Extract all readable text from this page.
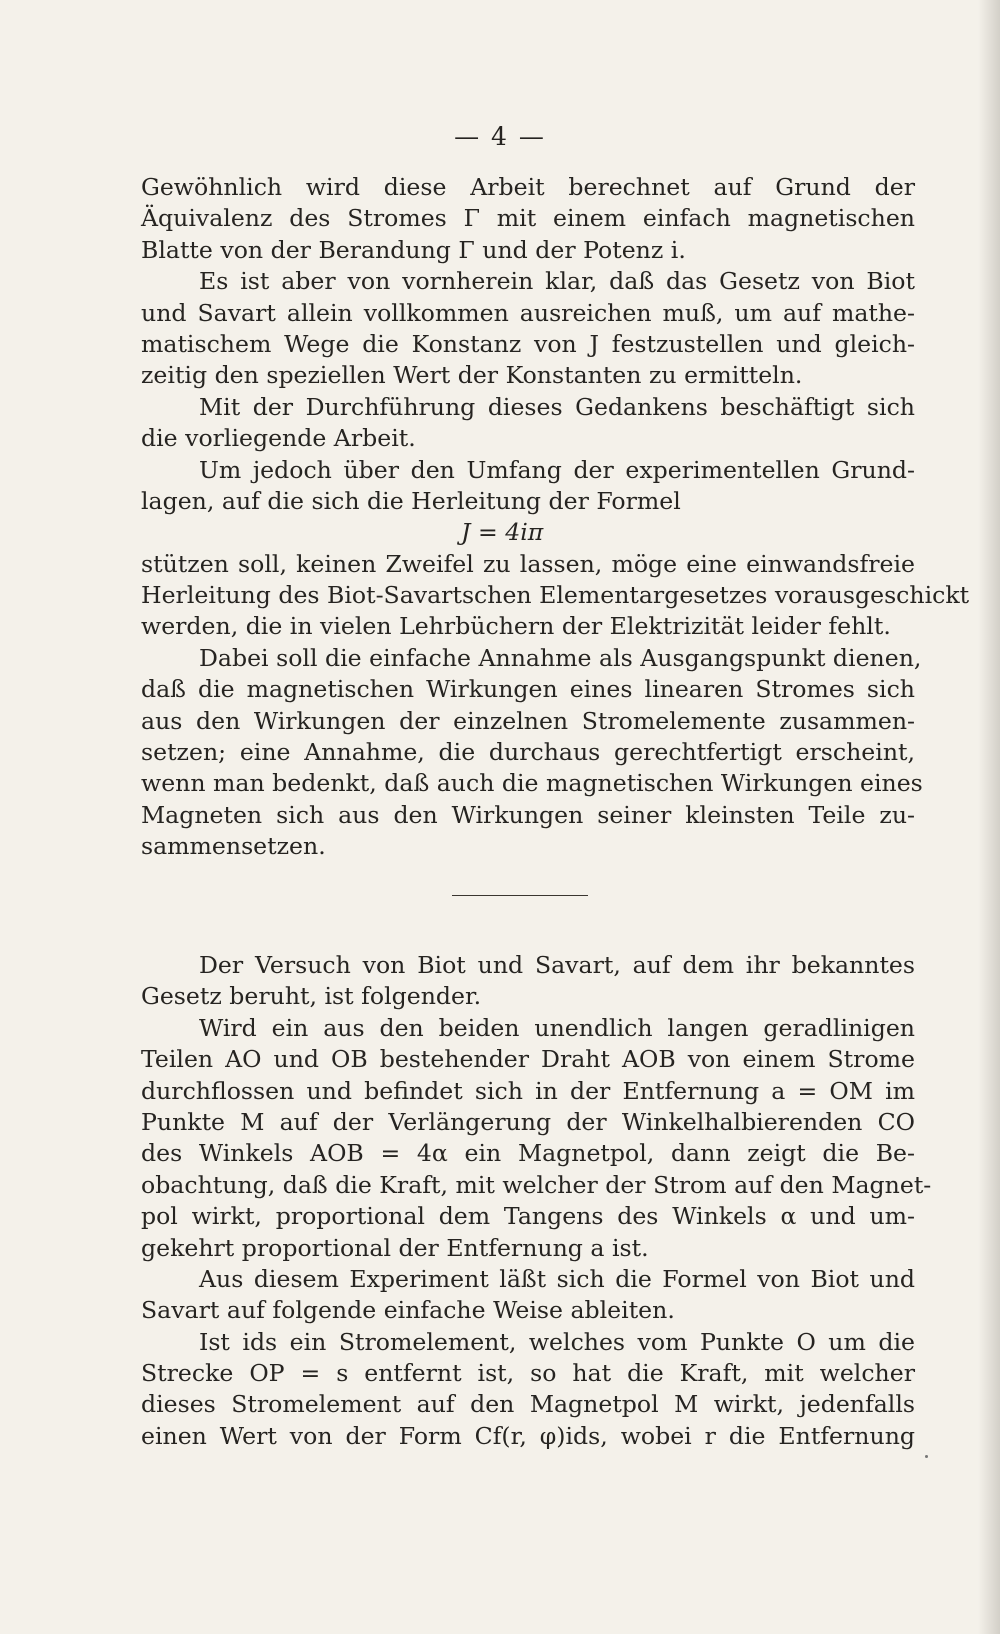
— 4 —
Gewöhnlich wird diese Arbeit berechnet auf Grund der
Äquivalenz des Stromes Γ mit einem einfach magnetischen
Blatte von der Berandung Γ und der Potenz i.
Es ist aber von vornherein klar, daß das Gesetz von Biot
und Savart allein vollkommen ausreichen muß, um auf mathe-
matischem Wege die Konstanz von J festzustellen und gleich-
zeitig den speziellen Wert der Konstanten zu ermitteln.
Mit der Durchführung dieses Gedankens beschäftigt sich
die vorliegende Arbeit.
Um jedoch über den Umfang der experimentellen Grund-
lagen, auf die sich die Herleitung der Formel
J = 4iπ
stützen soll, keinen Zweifel zu lassen, möge eine einwandsfreie
Herleitung des Biot-Savartschen Elementargesetzes vorausgeschickt
werden, die in vielen Lehrbüchern der Elektrizität leider fehlt.
Dabei soll die einfache Annahme als Ausgangspunkt dienen,
daß die magnetischen Wirkungen eines linearen Stromes sich
aus den Wirkungen der einzelnen Stromelemente zusammen-
setzen; eine Annahme, die durchaus gerechtfertigt erscheint,
wenn man bedenkt, daß auch die magnetischen Wirkungen eines
Magneten sich aus den Wirkungen seiner kleinsten Teile zu-
sammensetzen.
Der Versuch von Biot und Savart, auf dem ihr bekanntes
Gesetz beruht, ist folgender.
Wird ein aus den beiden unendlich langen geradlinigen
Teilen AO und OB bestehender Draht AOB von einem Strome
durchflossen und befindet sich in der Entfernung a = OM im
Punkte M auf der Verlängerung der Winkelhalbierenden CO
des Winkels AOB = 4α ein Magnetpol, dann zeigt die Be-
obachtung, daß die Kraft, mit welcher der Strom auf den Magnet-
pol wirkt, proportional dem Tangens des Winkels α und um-
gekehrt proportional der Entfernung a ist.
Aus diesem Experiment läßt sich die Formel von Biot und
Savart auf folgende einfache Weise ableiten.
Ist ids ein Stromelement, welches vom Punkte O um die
Strecke OP = s entfernt ist, so hat die Kraft, mit welcher
dieses Stromelement auf den Magnetpol M wirkt, jedenfalls
einen Wert von der Form Cf(r, φ)ids, wobei r die Entfernung
